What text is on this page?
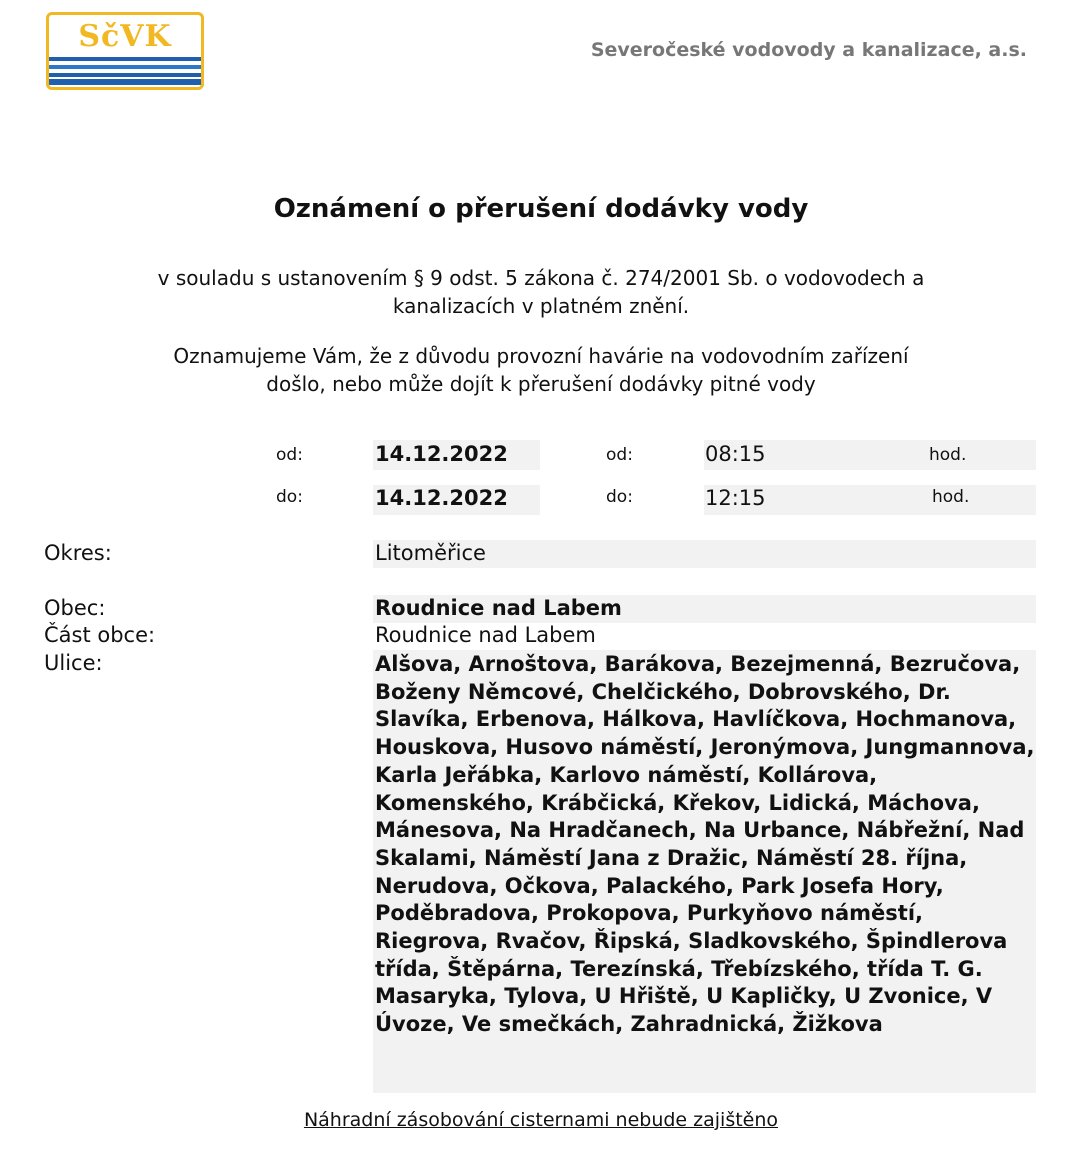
SčVK	Severočeské vodovody a kanalizace, a.s.
Oznámení o přerušení dodávky vody
v souladu s ustanovením § 9 odst. 5 zákona č. 274/2001 Sb. o vodovodech a
kanalizacích v platném znění.
Oznamujeme Vám, že z důvodu provozní havárie na vodovodním zařízení
došlo, nebo může dojít k přerušení dodávky pitné vody
od:	14.12.2022	od:	08:15	hod.
do:	14.12.2022	do:	12:15	hod.
Okres:	Litoměřice
Obec:	Roudnice nad Labem
Část obce:	Roudnice nad Labem
Ulice:	Alšova, Arnoštova, Barákova, Bezejmenná, Bezručova, Boženy Němcové, Chelčického, Dobrovského, Dr. Slavíka, Erbenova, Hálkova, Havlíčkova, Hochmanova, Houskova, Husovo náměstí, Jeronýmova, Jungmannova, Karla Jeřábka, Karlovo náměstí, Kollárova, Komenského, Krábčická, Křekov, Lidická, Máchova, Mánesova, Na Hradčanech, Na Urbance, Nábřežní, Nad Skalami, Náměstí Jana z Dražic, Náměstí 28. října, Nerudova, Očkova, Palackého, Park Josefa Hory, Poděbradova, Prokopova, Purkyňovo náměstí, Riegrova, Rvačov, Řipská, Sladkovského, Špindlerova třída, Štěpárna, Terezínská, Třebízského, třída T. G. Masaryka, Tylova, U Hřiště, U Kapličky, U Zvonice, V Úvoze, Ve smečkách, Zahradnická, Žižkova
Náhradní zásobování cisternami nebude zajištěno
